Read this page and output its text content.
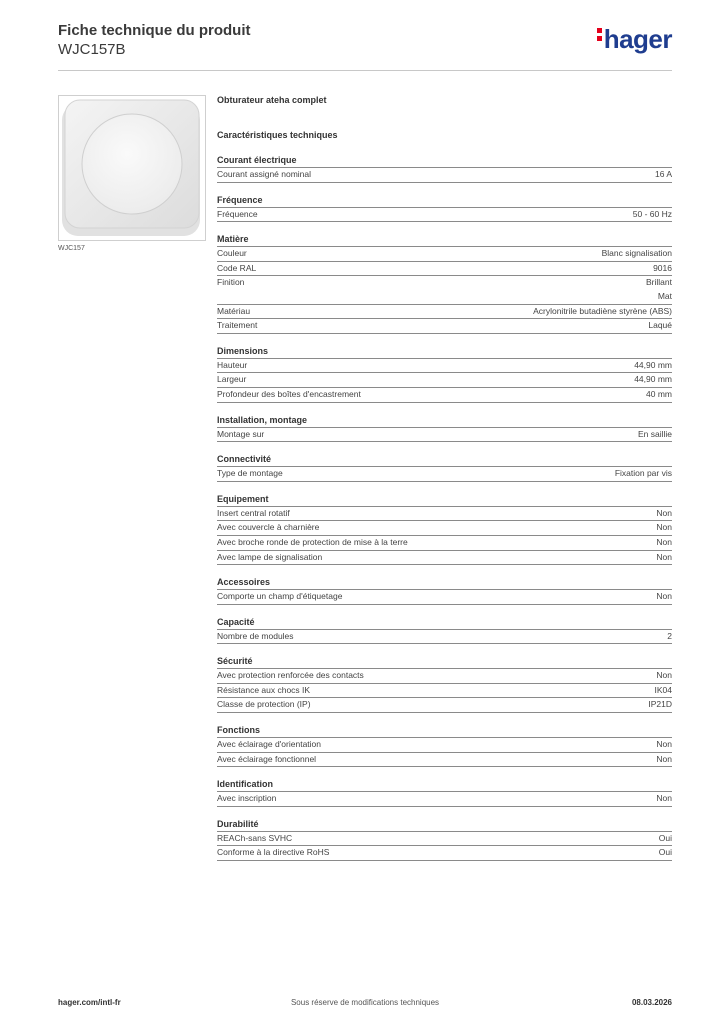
Fiche technique du produit
WJC157B	hager
WJC157
Obturateur ateha complet
Caractéristiques techniques
Courant électrique
Courant assigné nominal	16 A
Fréquence
Fréquence	50 - 60 Hz
Matière
Couleur	Blanc signalisation
Code RAL	9016
Finition	Brillant
Mat
Matériau	Acrylonitrile butadiène styrène (ABS)
Traitement	Laqué
Dimensions
Hauteur	44,90 mm
Largeur	44,90 mm
Profondeur des boîtes d'encastrement	40 mm
Installation, montage
Montage sur	En saillie
Connectivité
Type de montage	Fixation par vis
Equipement
Insert central rotatif	Non
Avec couvercle à charnière	Non
Avec broche ronde de protection de mise à la terre	Non
Avec lampe de signalisation	Non
Accessoires
Comporte un champ d'étiquetage	Non
Capacité
Nombre de modules	2
Sécurité
Avec protection renforcée des contacts	Non
Résistance aux chocs IK	IK04
Classe de protection (IP)	IP21D
Fonctions
Avec éclairage d'orientation	Non
Avec éclairage fonctionnel	Non
Identification
Avec inscription	Non
Durabilité
REACh-sans SVHC	Oui
Conforme à la directive RoHS	Oui
hager.com/intl-fr	Sous réserve de modifications techniques	08.03.2026
